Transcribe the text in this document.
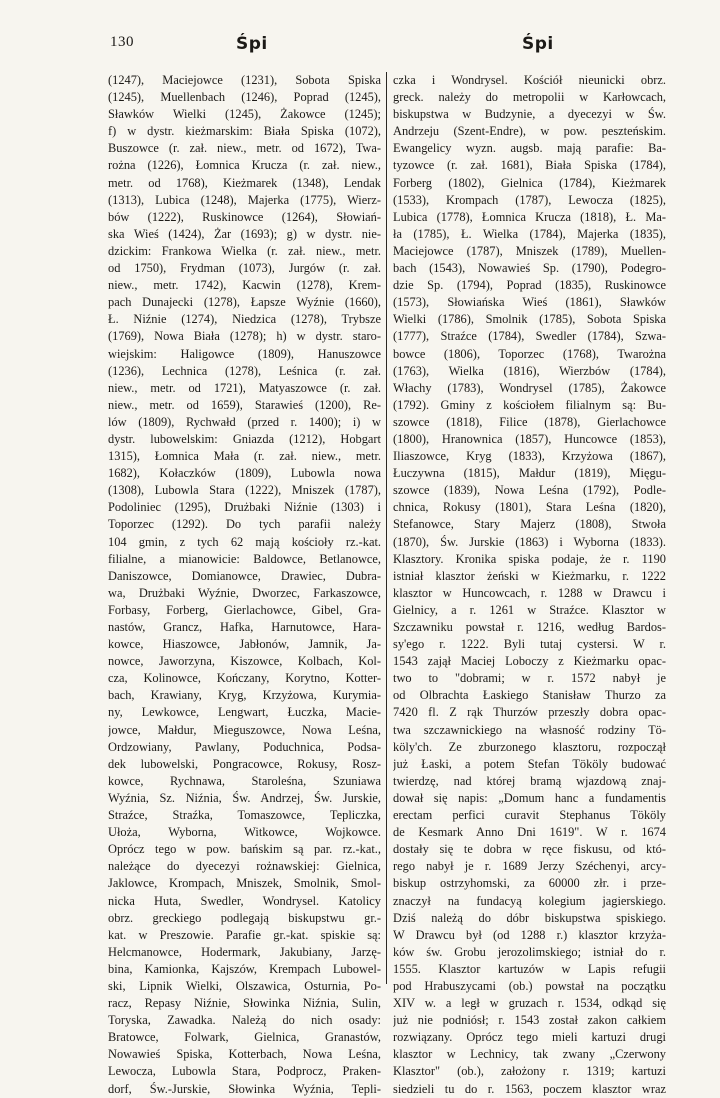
130	Śpi	Śpi
(1247), Maciejowce (1231), Sobota Spiska
(1245), Muellenbach (1246), Poprad (1245),
Sławków Wielki (1245), Żakowce (1245);
f) w dystr. kieżmarskim: Biała Spiska (1072),
Buszowce (r. zał. niew., metr. od 1672), Twa-
rożna (1226), Łomnica Krucza (r. zał. niew.,
metr. od 1768), Kieżmarek (1348), Lendak
(1313), Lubica (1248), Majerka (1775), Wierz-
bów (1222), Ruskinowce (1264), Słowiań-
ska Wieś (1424), Żar (1693); g) w dystr. nie-
dzickim: Frankowa Wielka (r. zał. niew., metr.
od 1750), Frydman (1073), Jurgów (r. zał.
niew., metr. 1742), Kacwin (1278), Krem-
pach Dunajecki (1278), Łapsze Wyźnie (1660),
Ł. Niźnie (1274), Niedzica (1278), Trybsze
(1769), Nowa Biała (1278); h) w dystr. staro-
wiejskim: Haligowce (1809), Hanuszowce
(1236), Lechnica (1278), Leśnica (r. zał.
niew., metr. od 1721), Matyaszowce (r. zał.
niew., metr. od 1659), Starawieś (1200), Re-
lów (1809), Rychwałd (przed r. 1400); i) w
dystr. lubowelskim: Gniazda (1212), Hobgart
1315), Łomnica Mała (r. zał. niew., metr.
1682), Kołaczków (1809), Lubowla nowa
(1308), Lubowla Stara (1222), Mniszek (1787),
Podoliniec (1295), Drużbaki Niźnie (1303) i
Toporzec (1292). Do tych parafii należy
104 gmin, z tych 62 mają kościoły rz.-kat.
filialne, a mianowicie: Baldowce, Betlanowce,
Daniszowce, Domianowce, Drawiec, Dubra-
wa, Drużbaki Wyźnie, Dworzec, Farkaszowce,
Forbasy, Forberg, Gierlachowce, Gibel, Gra-
nastów, Grancz, Hafka, Harnutowce, Hara-
kowce, Hiaszowce, Jabłonów, Jamnik, Ja-
nowce, Jaworzyna, Kiszowce, Kolbach, Kol-
cza, Kolinowce, Kończany, Korytno, Kotter-
bach, Krawiany, Kryg, Krzyżowa, Kurymia-
ny, Lewkowce, Lengwart, Łuczka, Macie-
jowce, Małdur, Mieguszowce, Nowa Leśna,
Ordzowiany, Pawlany, Poduchnica, Podsa-
dek lubowelski, Pongracowce, Rokusy, Rosz-
kowce, Rychnawa, Staroleśna, Szuniawa
Wyźnia, Sz. Niźnia, Św. Andrzej, Św. Jurskie,
Straźce, Straźka, Tomaszowce, Tepliczka,
Ułoża, Wyborna, Witkowce, Wojkowce.
Oprócz tego w pow. bańskim są par. rz.-kat.,
należące do dyecezyi rożnawskiej: Gielnica,
Jaklowce, Krompach, Mniszek, Smolnik, Smol-
nicka Huta, Swedler, Wondrysel. Katolicy
obrz. greckiego podlegają biskupstwu gr.-
kat. w Preszowie. Parafie gr.-kat. spiskie są:
Helcmanowce, Hodermark, Jakubiany, Jarzę-
bina, Kamionka, Kajszów, Krempach Lubowel-
ski, Lipnik Wielki, Olszawica, Osturnia, Po-
racz, Repasy Niźnie, Słowinka Niźnia, Sulin,
Toryska, Zawadka. Należą do nich osady:
Bratowce, Folwark, Gielnica, Granastów,
Nowawieś Spiska, Kotterbach, Nowa Leśna,
Lewocza, Lubowla Stara, Podprocz, Praken-
dorf, Św.-Jurskie, Słowinka Wyźnia, Tepli-
czka i Wondrysel. Kościół nieunicki obrz.
greck. należy do metropolii w Karłowcach,
biskupstwa w Budzynie, a dyecezyi w Św.
Andrzeju (Szent-Endre), w pow. peszteńskim.
Ewangelicy wyzn. augsb. mają parafie: Ba-
tyzowce (r. zał. 1681), Biała Spiska (1784),
Forberg (1802), Gielnica (1784), Kieżmarek
(1533), Krompach (1787), Lewocza (1825),
Lubica (1778), Łomnica Krucza (1818), Ł. Ma-
ła (1785), Ł. Wielka (1784), Majerka (1835),
Maciejowce (1787), Mniszek (1789), Muellen-
bach (1543), Nowawieś Sp. (1790), Podegro-
dzie Sp. (1794), Poprad (1835), Ruskinowce
(1573), Słowiańska Wieś (1861), Sławków
Wielki (1786), Smolnik (1785), Sobota Spiska
(1777), Straźce (1784), Swedler (1784), Szwa-
bowce (1806), Toporzec (1768), Twarożna
(1763), Wielka (1816), Wierzbów (1784),
Włachy (1783), Wondrysel (1785), Żakowce
(1792). Gminy z kościołem filialnym są: Bu-
szowce (1818), Filice (1878), Gierlachowce
(1800), Hranownica (1857), Huncowce (1853),
Iliaszowce, Kryg (1833), Krzyżowa (1867),
Łuczywna (1815), Małdur (1819), Mięgu-
szowce (1839), Nowa Leśna (1792), Podle-
chnica, Rokusy (1801), Stara Leśna (1820),
Stefanowce, Stary Majerz (1808), Stwoła
(1870), Św. Jurskie (1863) i Wyborna (1833).
Klasztory. Kronika spiska podaje, że r. 1190
istniał klasztor żeński w Kieżmarku, r. 1222
klasztor w Huncowcach, r. 1288 w Drawcu i
Gielnicy, a r. 1261 w Straźce. Klasztor w
Szczawniku powstał r. 1216, według Bardos-
sy'ego r. 1222. Byli tutaj cystersi. W r.
1543 zajął Maciej Loboczy z Kieżmarku opac-
two to "dobrami; w r. 1572 nabył je
od Olbrachta Łaskiego Stanisław Thurzo za
7420 fl. Z rąk Thurzów przeszły dobra opac-
twa szczawnickiego na własność rodziny Tö-
köly'ch. Ze zburzonego klasztoru, rozpoczął
już Łaski, a potem Stefan Tököly budować
twierdzę, nad której bramą wjazdową znaj-
dował się napis: „Domum hanc a fundamentis
erectam perfici curavit Stephanus Tököly
de Kesmark Anno Dni 1619". W r. 1674
dostały się te dobra w ręce fiskusu, od któ-
rego nabył je r. 1689 Jerzy Széchenyi, arcy-
biskup ostrzyhomski, za 60000 złr. i prze-
znaczył na fundacyą kolegium jagierskiego.
Dziś należą do dóbr biskupstwa spiskiego.
W Drawcu był (od 1288 r.) klasztor krzyża-
ków św. Grobu jerozolimskiego; istniał do r.
1555. Klasztor kartuzów w Lapis refugii
pod Hrabuszycami (ob.) powstał na początku
XIV w. a legł w gruzach r. 1534, odkąd się
już nie podniósł; r. 1543 został zakon całkiem
rozwiązany. Oprócz tego mieli kartuzi drugi
klasztor w Lechnicy, tak zwany „Czerwony
Klasztor" (ob.), założony r. 1319; kartuzi
siedzieli tu do r. 1563, poczem klasztor wraz
